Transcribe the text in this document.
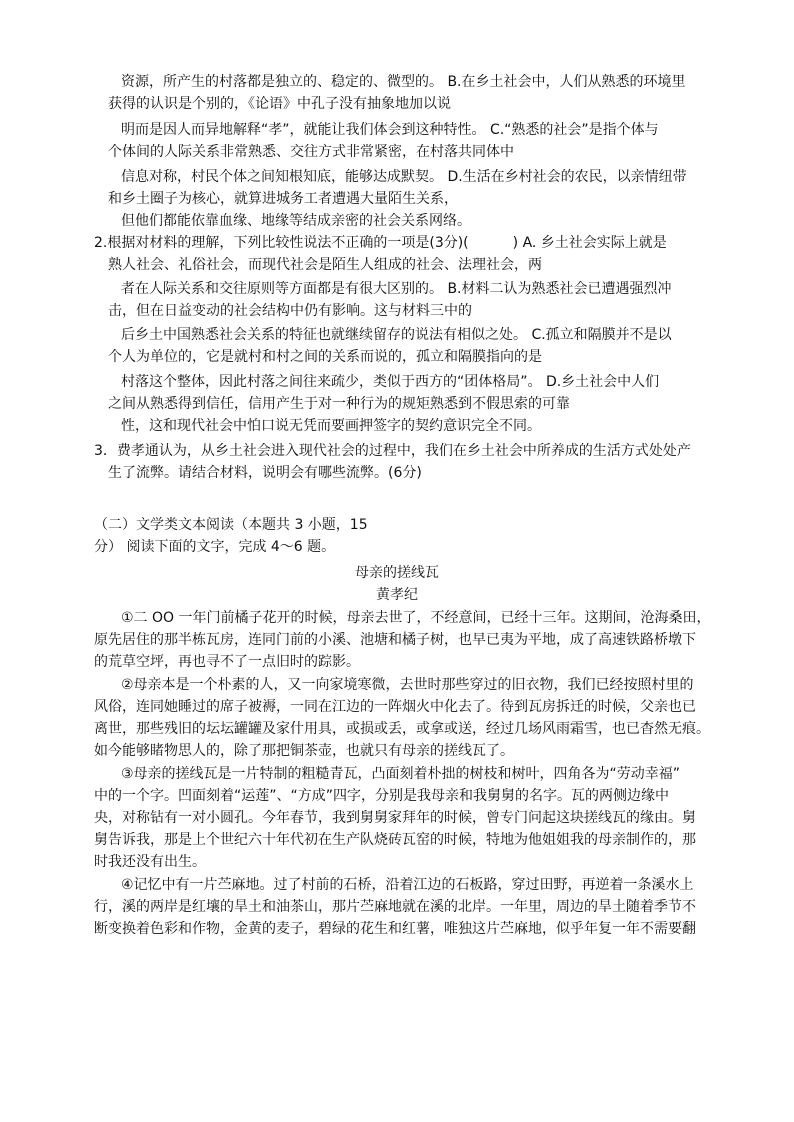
资源，所产生的村落都是独立的、稳定的、微型的。 B.在乡土社会中，人们从熟悉的环境里
获得的认识是个别的，《论语》中孔子没有抽象地加以说
明而是因人而异地解释“孝”，就能让我们体会到这种特性。 C.“熟悉的社会”是指个体与
个体间的人际关系非常熟悉、交往方式非常紧密，在村落共同体中
信息对称，村民个体之间知根知底，能够达成默契。 D.生活在乡村社会的农民，以亲情纽带
和乡土圈子为核心，就算进城务工者遭遇大量陌生关系，
但他们都能依靠血缘、地缘等结成亲密的社会关系网络。
2.根据对材料的理解，下列比较性说法不正确的一项是(3分)(	) A. 乡土社会实际上就是
熟人社会、礼俗社会，而现代社会是陌生人组成的社会、法理社会，两
者在人际关系和交往原则等方面都是有很大区别的。 B.材料二认为熟悉社会已遭遇强烈冲
击，但在日益变动的社会结构中仍有影响。这与材料三中的
后乡土中国熟悉社会关系的特征也就继续留存的说法有相似之处。 C.孤立和隔膜并不是以
个人为单位的，它是就村和村之间的关系而说的，孤立和隔膜指向的是
村落这个整体，因此村落之间往来疏少，类似于西方的“团体格局”。 D.乡土社会中人们
之间从熟悉得到信任，信用产生于对一种行为的规矩熟悉到不假思索的可靠
性，这和现代社会中怕口说无凭而要画押签字的契约意识完全不同。
3．费孝通认为，从乡土社会进入现代社会的过程中，我们在乡土社会中所养成的生活方式处处产
生了流弊。请结合材料，说明会有哪些流弊。(6分)
（二）文学类文本阅读（本题共 3 小题，15
分） 阅读下面的文字，完成 4～6 题。
母亲的搓线瓦
黄孝纪
①二 OO 一年门前橘子花开的时候，母亲去世了，不经意间，已经十三年。这期间，沧海桑田，
原先居住的那半栋瓦房，连同门前的小溪、池塘和橘子树，也早已夷为平地，成了高速铁路桥墩下
的荒草空坪，再也寻不了一点旧时的踪影。
②母亲本是一个朴素的人，又一向家境寒微，去世时那些穿过的旧衣物，我们已经按照村里的
风俗，连同她睡过的席子被褥，一同在江边的一阵烟火中化去了。待到瓦房拆迁的时候，父亲也已
离世，那些残旧的坛坛罐罐及家什用具，或损或丢，或拿或送，经过几场风雨霜雪，也已杳然无痕。
如今能够睹物思人的，除了那把铜茶壶，也就只有母亲的搓线瓦了。
③母亲的搓线瓦是一片特制的粗糙青瓦，凸面刻着朴拙的树枝和树叶，四角各为“劳动幸福”
中的一个字。凹面刻着“运莲”、“方成”四字，分别是我母亲和我舅舅的名字。瓦的两侧边缘中
央，对称钻有一对小圆孔。今年春节，我到舅舅家拜年的时候，曾专门问起这块搓线瓦的缘由。舅
舅告诉我，那是上个世纪六十年代初在生产队烧砖瓦窑的时候，特地为他姐姐我的母亲制作的，那
时我还没有出生。
④记忆中有一片苎麻地。过了村前的石桥，沿着江边的石板路，穿过田野，再逆着一条溪水上
行，溪的两岸是红壤的旱土和油茶山，那片苎麻地就在溪的北岸。一年里，周边的旱土随着季节不
断变换着色彩和作物，金黄的麦子，碧绿的花生和红薯，唯独这片苎麻地，似乎年复一年不需要翻
